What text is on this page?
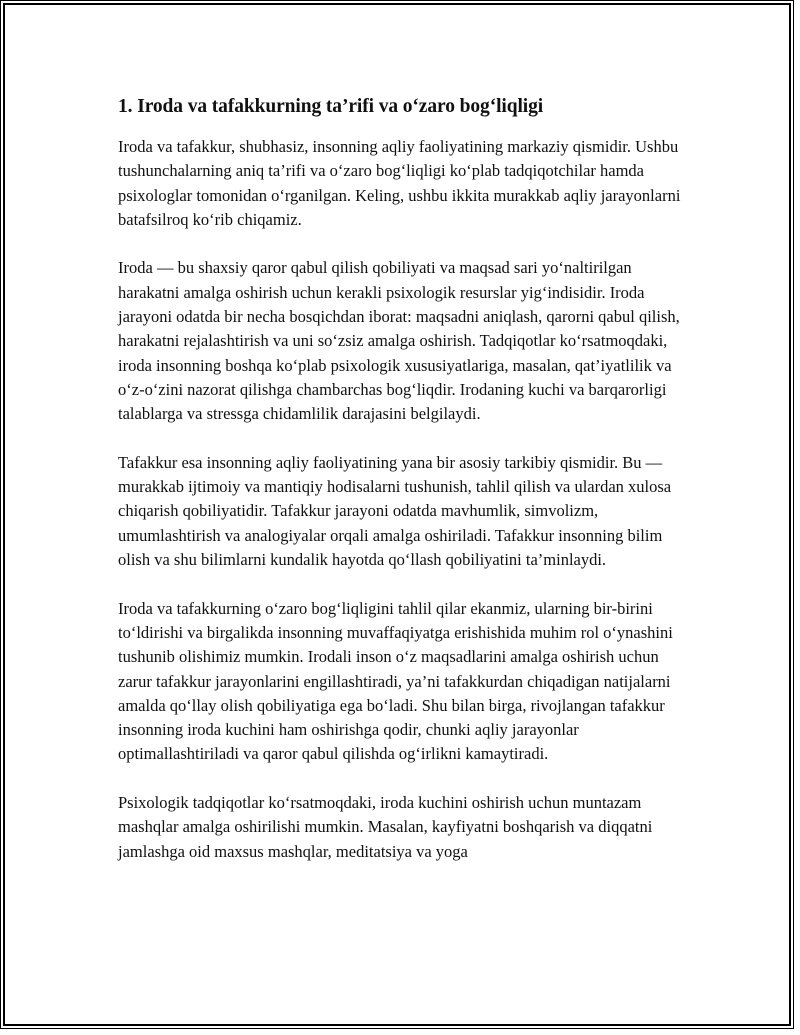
1. Iroda va tafakkurning ta’rifi va o‘zaro bog‘liqligi

Iroda va tafakkur, shubhasiz, insonning aqliy faoliyatining markaziy qismidir. Ushbu tushunchalarning aniq ta’rifi va o‘zaro bog‘liqligi ko‘plab tadqiqotchilar hamda psixologlar tomonidan o‘rganilgan. Keling, ushbu ikkita murakkab aqliy jarayonlarni batafsilroq ko‘rib chiqamiz.

Iroda — bu shaxsiy qaror qabul qilish qobiliyati va maqsad sari yo‘naltirilgan harakatni amalga oshirish uchun kerakli psixologik resurslar yig‘indisidir. Iroda jarayoni odatda bir necha bosqichdan iborat: maqsadni aniqlash, qarorni qabul qilish, harakatni rejalashtirish va uni so‘zsiz amalga oshirish. Tadqiqotlar ko‘rsatmoqdaki, iroda insonning boshqa ko‘plab psixologik xususiyatlariga, masalan, qat’iyatlilik va o‘z-o‘zini nazorat qilishga chambarchas bog‘liqdir. Irodaning kuchi va barqarorligi talablarga va stressga chidamlilik darajasini belgilaydi.

Tafakkur esa insonning aqliy faoliyatining yana bir asosiy tarkibiy qismidir. Bu — murakkab ijtimoiy va mantiqiy hodisalarni tushunish, tahlil qilish va ulardan xulosa chiqarish qobiliyatidir. Tafakkur jarayoni odatda mavhumlik, simvolizm, umumlashtirish va analogiyalar orqali amalga oshiriladi. Tafakkur insonning bilim olish va shu bilimlarni kundalik hayotda qo‘llash qobiliyatini ta’minlaydi.

Iroda va tafakkurning o‘zaro bog‘liqligini tahlil qilar ekanmiz, ularning bir-birini to‘ldirishi va birgalikda insonning muvaffaqiyatga erishishida muhim rol o‘ynashini tushunib olishimiz mumkin. Irodali inson o‘z maqsadlarini amalga oshirish uchun zarur tafakkur jarayonlarini engillashtiradi, ya’ni tafakkurdan chiqadigan natijalarni amalda qo‘llay olish qobiliyatiga ega bo‘ladi. Shu bilan birga, rivojlangan tafakkur insonning iroda kuchini ham oshirishga qodir, chunki aqliy jarayonlar optimallashtiriladi va qaror qabul qilishda og‘irlikni kamaytiradi.

Psixologik tadqiqotlar ko‘rsatmoqdaki, iroda kuchini oshirish uchun muntazam mashqlar amalga oshirilishi mumkin. Masalan, kayfiyatni boshqarish va diqqatni jamlashga oid maxsus mashqlar, meditatsiya va yoga
